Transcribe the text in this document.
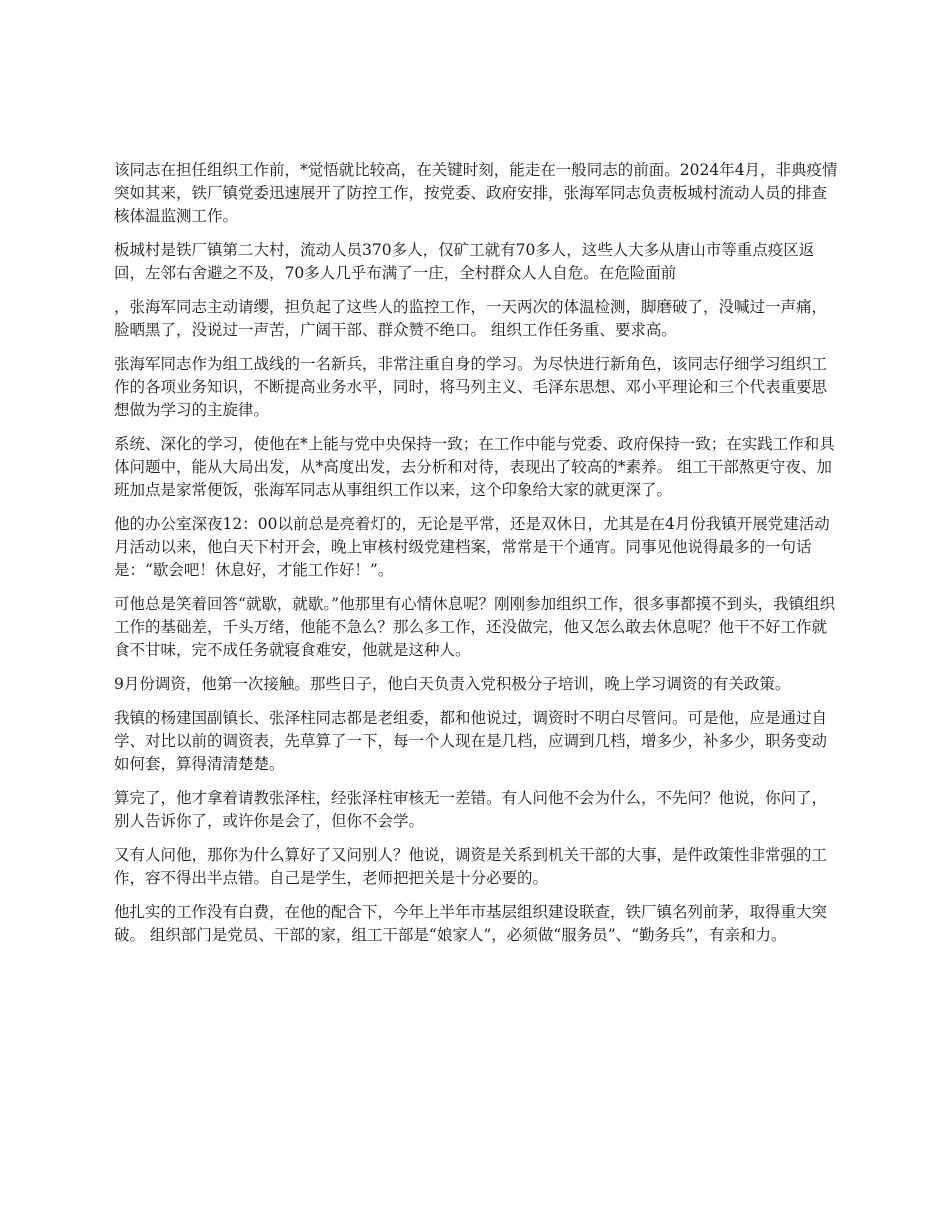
该同志在担任组织工作前，*觉悟就比较高，在关键时刻，能走在一般同志的前面。2024年4月，非典疫情突如其来，铁厂镇党委迅速展开了防控工作，按党委、政府安排，张海军同志负责板城村流动人员的排查核体温监测工作。

板城村是铁厂镇第二大村，流动人员370多人，仅矿工就有70多人，这些人大多从唐山市等重点疫区返回，左邻右舍避之不及，70多人几乎布满了一庄，全村群众人人自危。在危险面前

，张海军同志主动请缨，担负起了这些人的监控工作，一天两次的体温检测，脚磨破了，没喊过一声痛，脸晒黑了，没说过一声苦，广阔干部、群众赞不绝口。 组织工作任务重、要求高。

张海军同志作为组工战线的一名新兵，非常注重自身的学习。为尽快进行新角色，该同志仔细学习组织工作的各项业务知识，不断提高业务水平，同时，将马列主义、毛泽东思想、邓小平理论和三个代表重要思想做为学习的主旋律。

系统、深化的学习，使他在*上能与党中央保持一致；在工作中能与党委、政府保持一致；在实践工作和具体问题中，能从大局出发，从*高度出发，去分析和对待，表现出了较高的*素养。 组工干部熬更守夜、加班加点是家常便饭，张海军同志从事组织工作以来，这个印象给大家的就更深了。

他的办公室深夜12：00以前总是亮着灯的，无论是平常，还是双休日，尤其是在4月份我镇开展党建活动月活动以来，他白天下村开会，晚上审核村级党建档案，常常是干个通宵。同事见他说得最多的一句话是：“歇会吧！休息好，才能工作好！”。

可他总是笑着回答“就歇，就歇。”他那里有心情休息呢？刚刚参加组织工作，很多事都摸不到头，我镇组织工作的基础差，千头万绪，他能不急么？那么多工作，还没做完，他又怎么敢去休息呢？他干不好工作就食不甘味，完不成任务就寝食难安，他就是这种人。

9月份调资，他第一次接触。那些日子，他白天负责入党积极分子培训，晚上学习调资的有关政策。

我镇的杨建国副镇长、张泽柱同志都是老组委，都和他说过，调资时不明白尽管问。可是他，应是通过自学、对比以前的调资表，先草算了一下，每一个人现在是几档，应调到几档，增多少，补多少，职务变动如何套，算得清清楚楚。

算完了，他才拿着请教张泽柱，经张泽柱审核无一差错。有人问他不会为什么，不先问？他说，你问了，别人告诉你了，或许你是会了，但你不会学。

又有人问他，那你为什么算好了又问别人？他说，调资是关系到机关干部的大事，是件政策性非常强的工作，容不得出半点错。自己是学生，老师把把关是十分必要的。

他扎实的工作没有白费，在他的配合下，今年上半年市基层组织建设联查，铁厂镇名列前茅，取得重大突破。 组织部门是党员、干部的家，组工干部是“娘家人”，必须做“服务员”、“勤务兵”，有亲和力。
